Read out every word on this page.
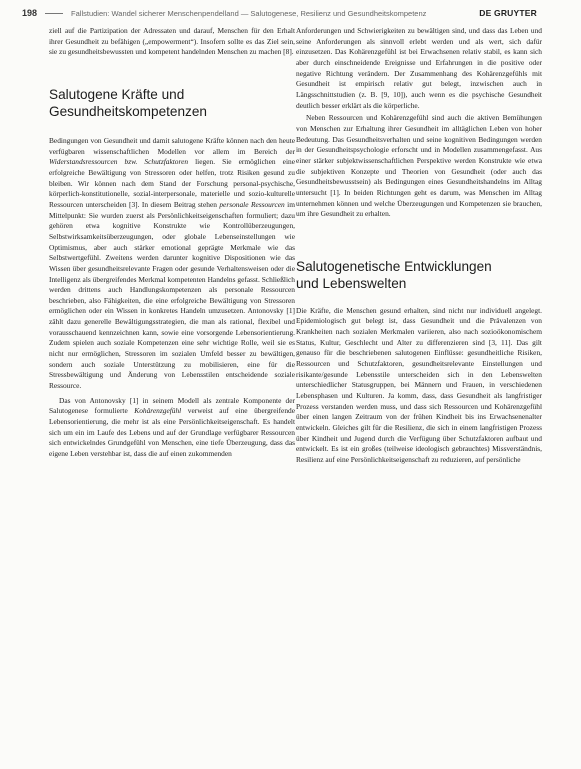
198	Fallstudien: Wandel sicherer Menschenpendelland — Salutogenese, Resilienz und Gesundheitskompetenz	DE GRUYTER

ziell auf die Partizipation der Adressaten und darauf, Menschen für den Erhalt ihrer Gesundheit zu befähigen („empowerment“). Insofern sollte es das Ziel sein, sie zu gesundheitsbewussten und kompetent handelnden Menschen zu machen [8].

Salutogene Kräfte und
Gesundheitskompetenzen

Bedingungen von Gesundheit und damit salutogene Kräfte können nach den heute verfügbaren wissenschaftlichen Modellen vor allem im Bereich der Widerstandsressourcen bzw. Schutzfaktoren liegen. Sie ermöglichen eine erfolgreiche Bewältigung von Stressoren oder helfen, trotz Risiken gesund zu bleiben. Wir können nach dem Stand der Forschung personal-psychische, körperlich-konstitutionelle, sozial-interpersonale, materielle und sozio-kulturelle Ressourcen unterscheiden [3]. In diesem Beitrag stehen personale Ressourcen im Mittelpunkt: Sie wurden zuerst als Persönlichkeitseigenschaften formuliert; dazu gehören etwa kognitive Konstrukte wie Kontrollüberzeugungen, Selbstwirksamkeitsüberzeugungen, oder globale Lebenseinstellungen wie Optimismus, aber auch stärker emotional geprägte Merkmale wie das Selbstwertgefühl. Zweitens werden darunter kognitive Dispositionen wie das Wissen über gesundheitsrelevante Fragen oder gesunde Verhaltensweisen oder die Intelligenz als übergreifendes Merkmal kompetenten Handelns gefasst. Schließlich werden drittens auch Handlungskompetenzen als personale Ressourcen beschrieben, also Fähigkeiten, die eine erfolgreiche Bewältigung von Stressoren ermöglichen oder ein Wissen in konkretes Handeln umzusetzen. Antonovsky [1] zählt dazu generelle Bewältigungsstrategien, die man als rational, flexibel und vorausschauend kennzeichnen kann, sowie eine vorsorgende Lebensorientierung. Zudem spielen auch soziale Kompetenzen eine sehr wichtige Rolle, weil sie es nicht nur ermöglichen, Stressoren im sozialen Umfeld besser zu bewältigen, sondern auch soziale Unterstützung zu mobilisieren, eine für die Stressbewältigung und Änderung von Lebensstilen entscheidende soziale Ressource.

Das von Antonovsky [1] in seinem Modell als zentrale Komponente der Salutogenese formulierte Kohärenzgefühl verweist auf eine übergreifende Lebensorientierung, die mehr ist als eine Persönlichkeitseigenschaft. Es handelt sich um ein im Laufe des Lebens und auf der Grundlage verfügbarer Ressourcen sich entwickelndes Grundgefühl von Menschen, eine tiefe Überzeugung, dass das eigene Leben verstehbar ist, dass die auf einen zukommenden

Anforderungen und Schwierigkeiten zu bewältigen sind, und dass das Leben und seine Anforderungen als sinnvoll erlebt werden und als wert, sich dafür einzusetzen. Das Kohärenzgefühl ist bei Erwachsenen relativ stabil, es kann sich aber durch einschneidende Ereignisse und Erfahrungen in die positive oder negative Richtung verändern. Der Zusammenhang des Kohärenzgefühls mit Gesundheit ist empirisch relativ gut belegt, inzwischen auch in Längsschnittstudien (z. B. [9, 10]), auch wenn es die psychische Gesundheit deutlich besser erklärt als die körperliche.

Neben Ressourcen und Kohärenzgefühl sind auch die aktiven Bemühungen von Menschen zur Erhaltung ihrer Gesundheit im alltäglichen Leben von hoher Bedeutung. Das Gesundheitsverhalten und seine kognitiven Bedingungen werden in der Gesundheitspsychologie erforscht und in Modellen zusammengefasst. Aus einer stärker subjektwissenschaftlichen Perspektive werden Konstrukte wie etwa die subjektiven Konzepte und Theorien von Gesundheit (oder auch das Gesundheitsbewusstsein) als Bedingungen eines Gesundheitshandelns im Alltag untersucht [1]. In beiden Richtungen geht es darum, was Menschen im Alltag unternehmen können und welche Überzeugungen und Kompetenzen sie brauchen, um ihre Gesundheit zu erhalten.

Salutogenetische Entwicklungen
und Lebenswelten

Die Kräfte, die Menschen gesund erhalten, sind nicht nur individuell angelegt. Epidemiologisch gut belegt ist, dass Gesundheit und die Prävalenzen von Krankheiten nach sozialen Merkmalen variieren, also nach sozioökonomischem Status, Kultur, Geschlecht und Alter zu differenzieren sind [3, 11]. Das gilt genauso für die beschriebenen salutogenen Einflüsse: gesundheitliche Risiken, Ressourcen und Schutzfaktoren, gesundheitsrelevante Einstellungen und risikante/gesunde Lebensstile unterscheiden sich in den Lebenswelten unterschiedlicher Statusgruppen, bei Männern und Frauen, in verschiedenen Lebensphasen und Kulturen. Ja komm, dass, dass Gesundheit als langfristiger Prozess verstanden werden muss, und dass sich Ressourcen und Kohärenzgefühl über einen langen Zeitraum von der frühen Kindheit bis ins Erwachsenenalter entwickeln. Gleiches gilt für die Resilienz, die sich in einem langfristigen Prozess über Kindheit und Jugend durch die Verfügung über Schutzfaktoren aufbaut und entwickelt. Es ist ein großes (teilweise ideologisch gebrauchtes) Missverständnis, Resilienz auf eine Persönlichkeitseigenschaft zu reduzieren, auf persönliche
